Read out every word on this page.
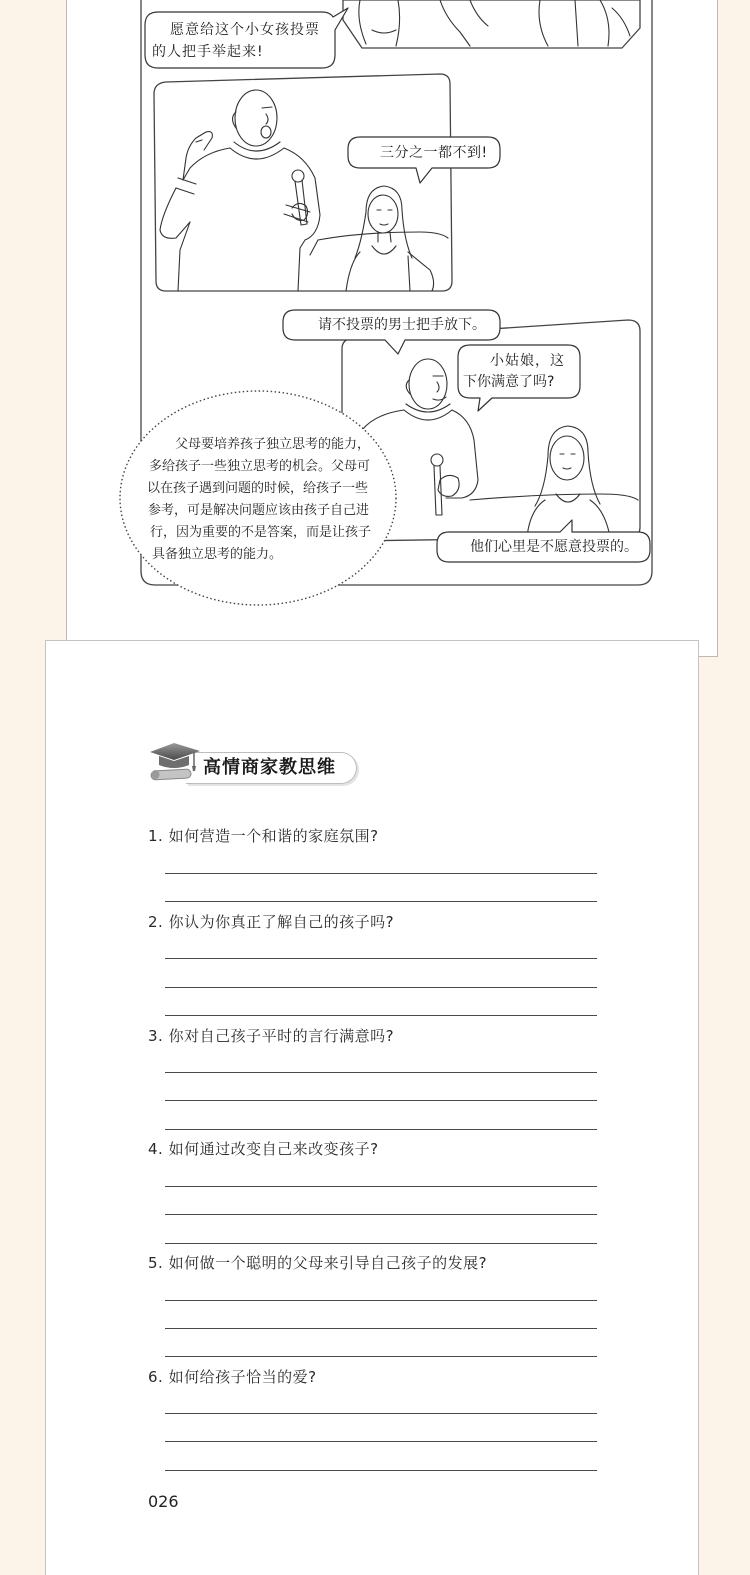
愿意给这个小女孩投票
的人把手举起来!
三分之一都不到!
请不投票的男士把手放下。
小姑娘，这
下你满意了吗?
他们心里是不愿意投票的。
父母要培养孩子独立思考的能力，
多给孩子一些独立思考的机会。父母可
以在孩子遇到问题的时候，给孩子一些
参考，可是解决问题应该由孩子自己进
行，因为重要的不是答案，而是让孩子
具备独立思考的能力。
高情商家教思维
1. 如何营造一个和谐的家庭氛围?
2. 你认为你真正了解自己的孩子吗?
3. 你对自己孩子平时的言行满意吗?
4. 如何通过改变自己来改变孩子?
5. 如何做一个聪明的父母来引导自己孩子的发展?
6. 如何给孩子恰当的爱?
026
